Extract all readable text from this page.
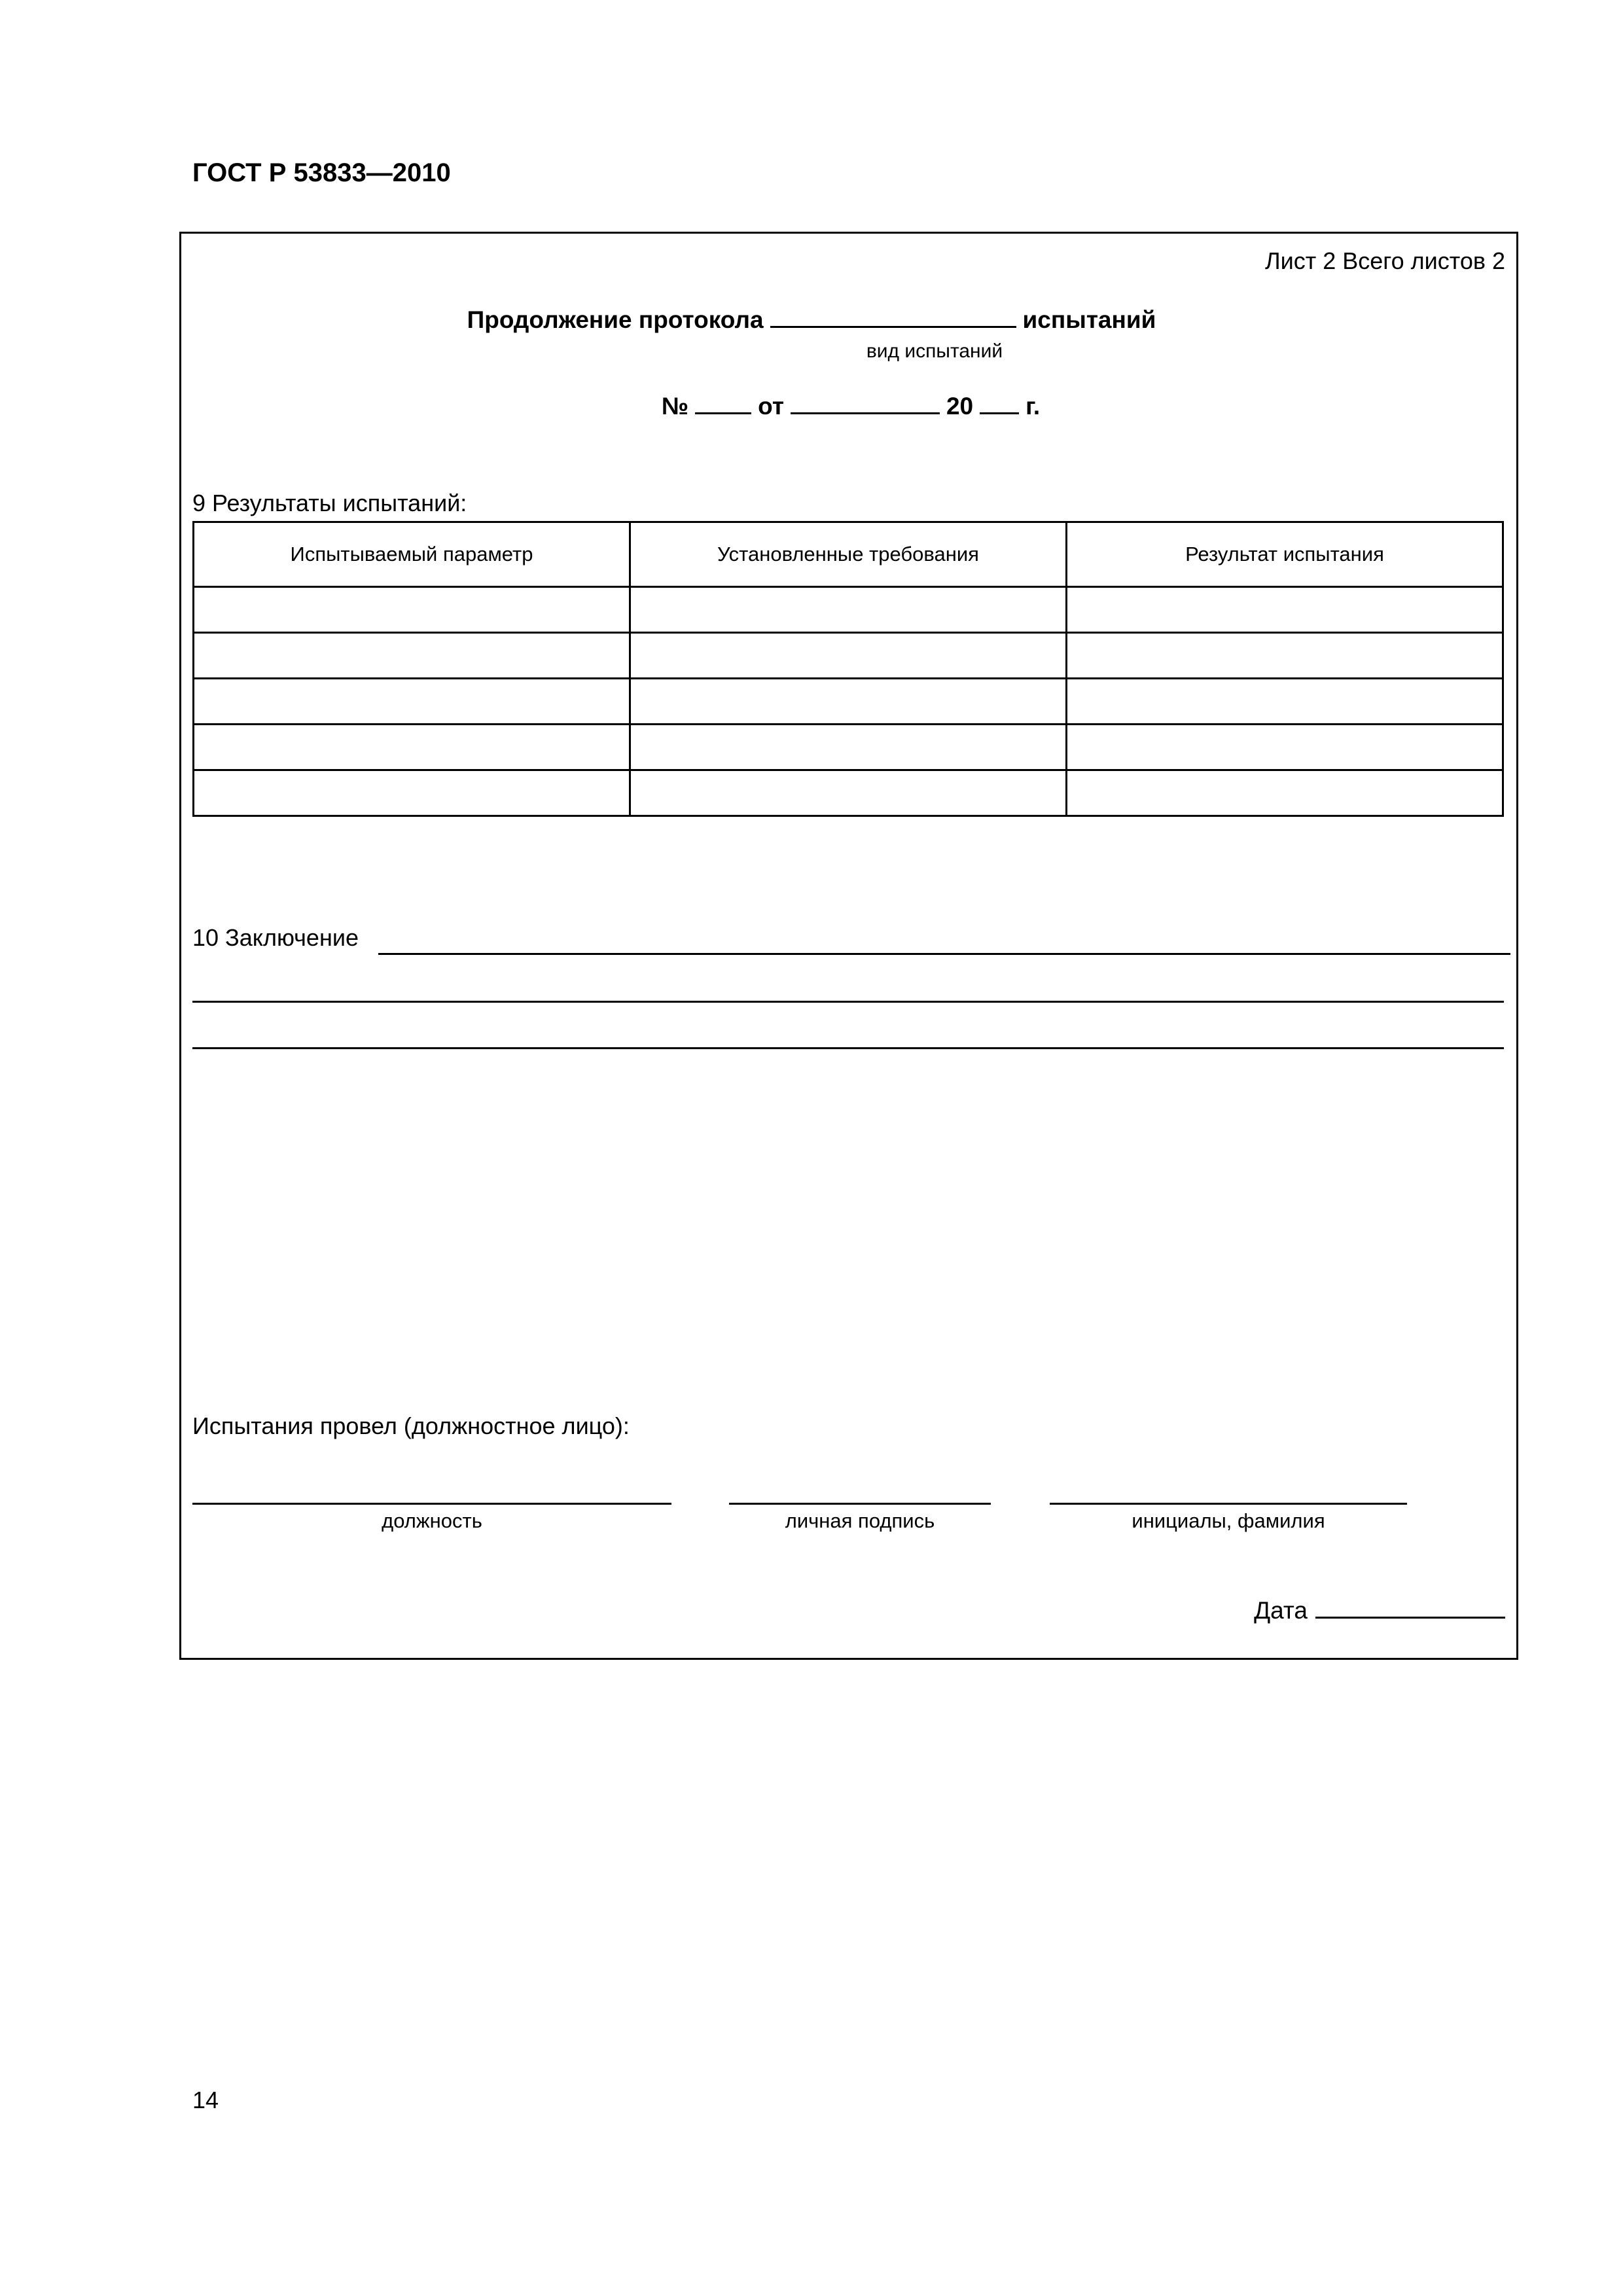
ГОСТ Р 53833—2010
Лист 2 Всего листов 2
Продолжение протокола	испытаний
вид испытаний
№	от	20 г.
9 Результаты испытаний:
Испытываемый параметр	Установленные требования	Результат испытания

10 Заключение
Испытания провел (должностное лицо):
должность	личная подпись	инициалы, фамилия
Дата
14
